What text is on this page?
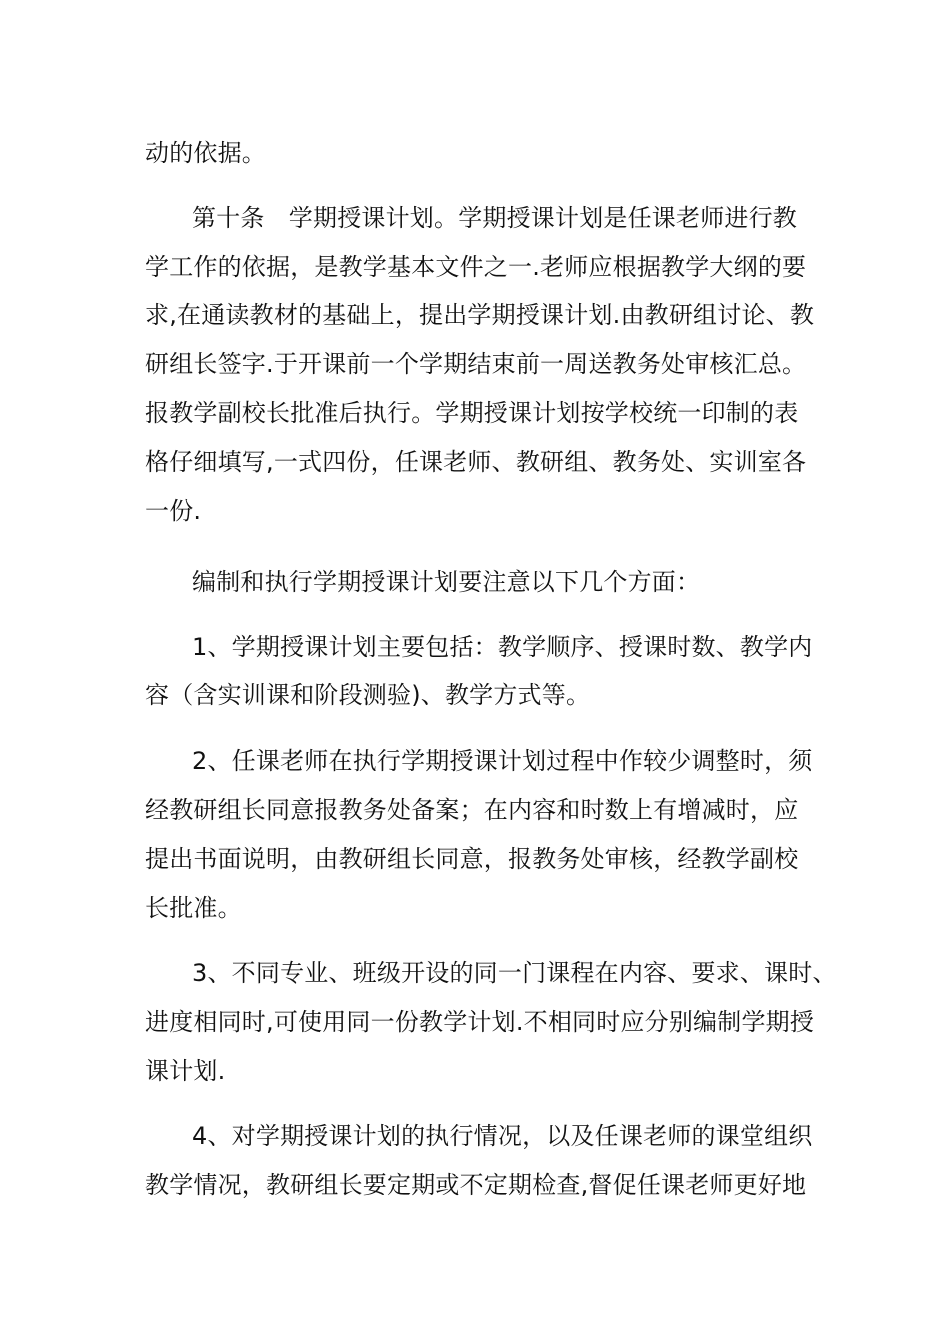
动的依据。
第十条　学期授课计划。学期授课计划是任课老师进行教
学工作的依据，是教学基本文件之一.老师应根据教学大纲的要
求,在通读教材的基础上，提出学期授课计划.由教研组讨论、教
研组长签字.于开课前一个学期结束前一周送教务处审核汇总。
报教学副校长批准后执行。学期授课计划按学校统一印制的表
格仔细填写,一式四份，任课老师、教研组、教务处、实训室各
一份.
编制和执行学期授课计划要注意以下几个方面：
1、学期授课计划主要包括：教学顺序、授课时数、教学内
容（含实训课和阶段测验)、教学方式等。
2、任课老师在执行学期授课计划过程中作较少调整时，须
经教研组长同意报教务处备案；在内容和时数上有增减时，应
提出书面说明，由教研组长同意，报教务处审核，经教学副校
长批准。
3、不同专业、班级开设的同一门课程在内容、要求、课时、
进度相同时,可使用同一份教学计划.不相同时应分别编制学期授
课计划.
4、对学期授课计划的执行情况，以及任课老师的课堂组织
教学情况，教研组长要定期或不定期检查,督促任课老师更好地
